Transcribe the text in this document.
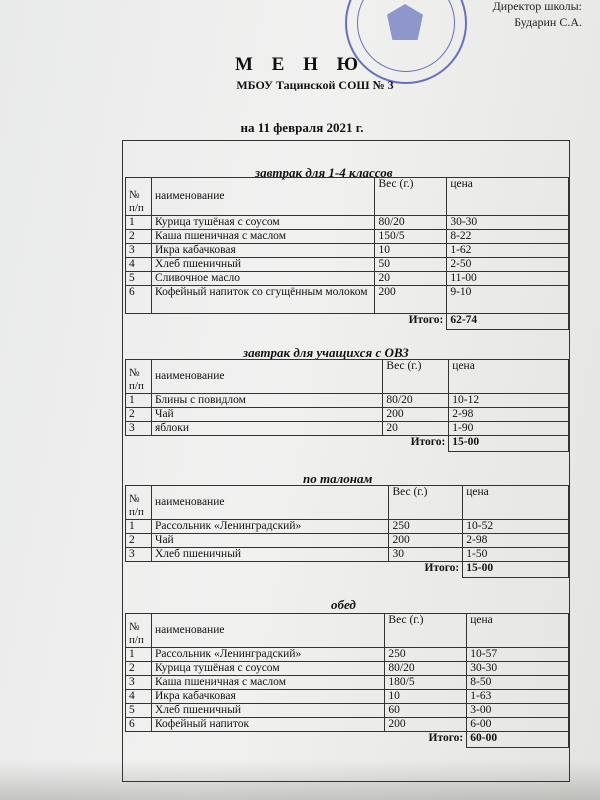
Директор школы:
Бударин С.А.
М Е Н Ю
МБОУ Тацинской СОШ № 3
на 11 февраля 2021 г.
завтрак для 1-4 классов
№ п/п	наименование	Вес (г.)	цена
1	Курица тушёная с соусом	80/20	30-30
2	Каша пшеничная с маслом	150/5	8-22
3	Икра кабачковая	10	1-62
4	Хлеб пшеничный	50	2-50
5	Сливочное масло	20	11-00
6	Кофейный напиток со сгущённым молоком	200	9-10
Итого:			62-74
завтрак для учащихся с ОВЗ
№ п/п	наименование	Вес (г.)	цена
1	Блины с повидлом	80/20	10-12
2	Чай	200	2-98
3	яблоки	20	1-90
Итого:			15-00
по талонам
№ п/п	наименование	Вес (г.)	цена
1	Рассольник «Ленинградский»	250	10-52
2	Чай	200	2-98
3	Хлеб пшеничный	30	1-50
Итого:			15-00
обед
№ п/п	наименование	Вес (г.)	цена
1	Рассольник «Ленинградский»	250	10-57
2	Курица тушёная с соусом	80/20	30-30
3	Каша пшеничная с маслом	180/5	8-50
4	Икра кабачковая	10	1-63
5	Хлеб пшеничный	60	3-00
6	Кофейный напиток	200	6-00
Итого:			60-00
